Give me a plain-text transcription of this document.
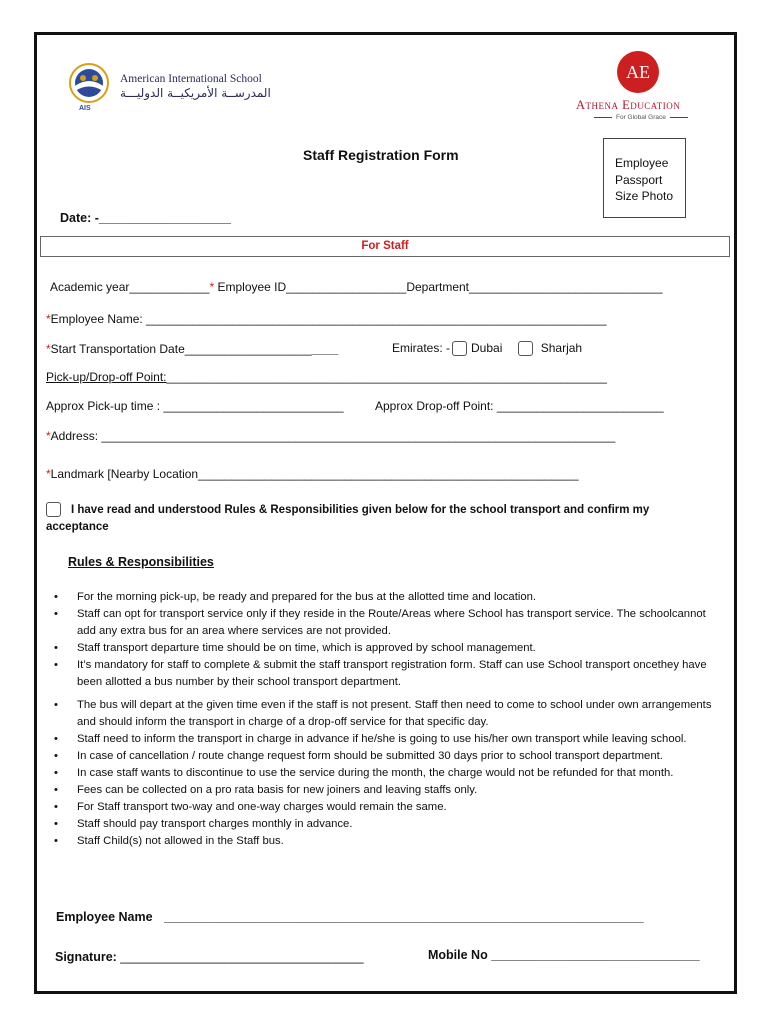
AIS
American International School
المدرســة الأمريكيــة الدوليـــة
AE
Athena Education
For Global Grace
Staff Registration Form	Employee
Passport
Size Photo
Date: -___________________
For Staff
Academic year____________* Employee ID__________________Department_____________________________
*Employee Name: _____________________________________________________________________
*Start Transportation Date_______________________	Emirates: - Dubai	Sharjah
Pick-up/Drop-off Point:__________________________________________________________________
Approx Pick-up time : ___________________________	Approx Drop-off Point: _________________________
*Address: _____________________________________________________________________________
*Landmark [Nearby Location_________________________________________________________
I have read and understood Rules & Responsibilities given below for the school transport and confirm my acceptance
Rules & Responsibilities
• For the morning pick-up, be ready and prepared for the bus at the allotted time and location.
• Staff can opt for transport service only if they reside in the Route/Areas where School has transport service. The schoolcannot add any extra bus for an area where services are not provided.
• Staff transport departure time should be on time, which is approved by school management.
• It’s mandatory for staff to complete & submit the staff transport registration form. Staff can use School transport oncethey have been allotted a bus number by their school transport department.
• The bus will depart at the given time even if the staff is not present. Staff then need to come to school under own arrangements and should inform the transport in charge of a drop-off service for that specific day.
• Staff need to inform the transport in charge in advance if he/she is going to use his/her own transport while leaving school.
• In case of cancellation / route change request form should be submitted 30 days prior to school transport department.
• In case staff wants to discontinue to use the service during the month, the charge would not be refunded for that month.
• Fees can be collected on a pro rata basis for new joiners and leaving staffs only.
• For Staff transport two-way and one-way charges would remain the same.
• Staff should pay transport charges monthly in advance.
• Staff Child(s) not allowed in the Staff bus.
Employee Name _____________________________________________________________________
Signature: ___________________________________	Mobile No ______________________________
